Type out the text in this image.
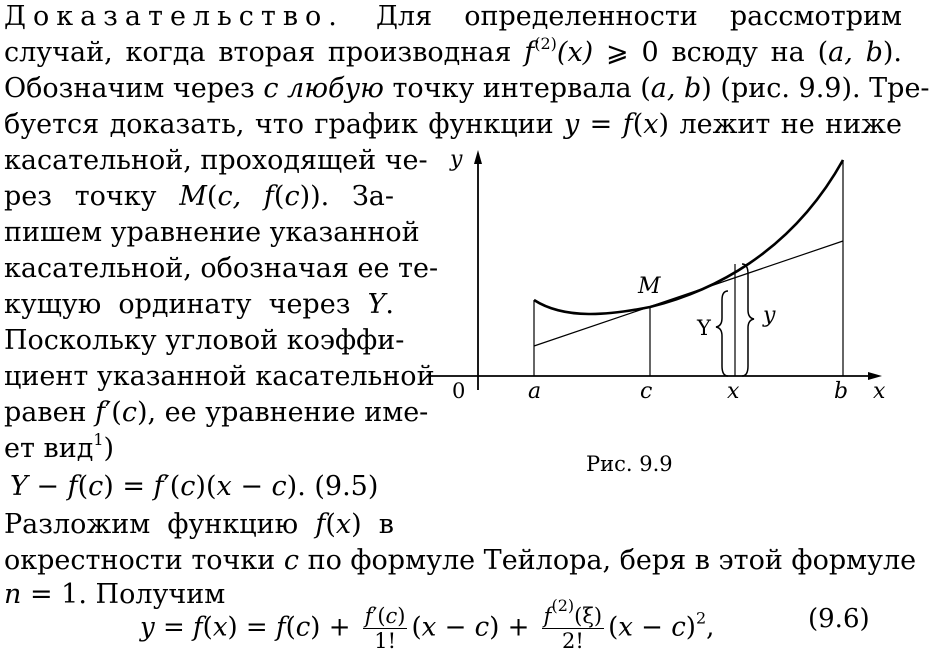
Доказательство. Для определенности рассмотрим
случай, когда вторая производная $f^{(2)}(x)$ ⩾ 0 всюду на (a, b).
Обозначим через c любую точку интервала (a, b) (рис. 9.9). Тре-
буется доказать, что график функции y = f(x) лежит не ниже
касательной, проходящей че-
рез точку M(c, f(c)). За-
пишем уравнение указанной
касательной, обозначая ее те-
кущую ординату через Y.
Поскольку угловой коэффи-
циент указанной касательной
равен f′(c), ее уравнение име-
ет вид$^1$)
Y − f(c) = f′(c)(x − c). (9.5)
Разложим функцию f(x) в
окрестности точки c по формуле Тейлора, беря в этой формуле
n = 1. Получим
$y = f(x) = f(c) + \frac{f'(c)}{1!} (x - c) + \frac{f^{(2)}(\xi)}{2!} (x - c)^2$,	(9.6)
y
x
0	a	c	x	b
M
Y y
Рис. 9.9
